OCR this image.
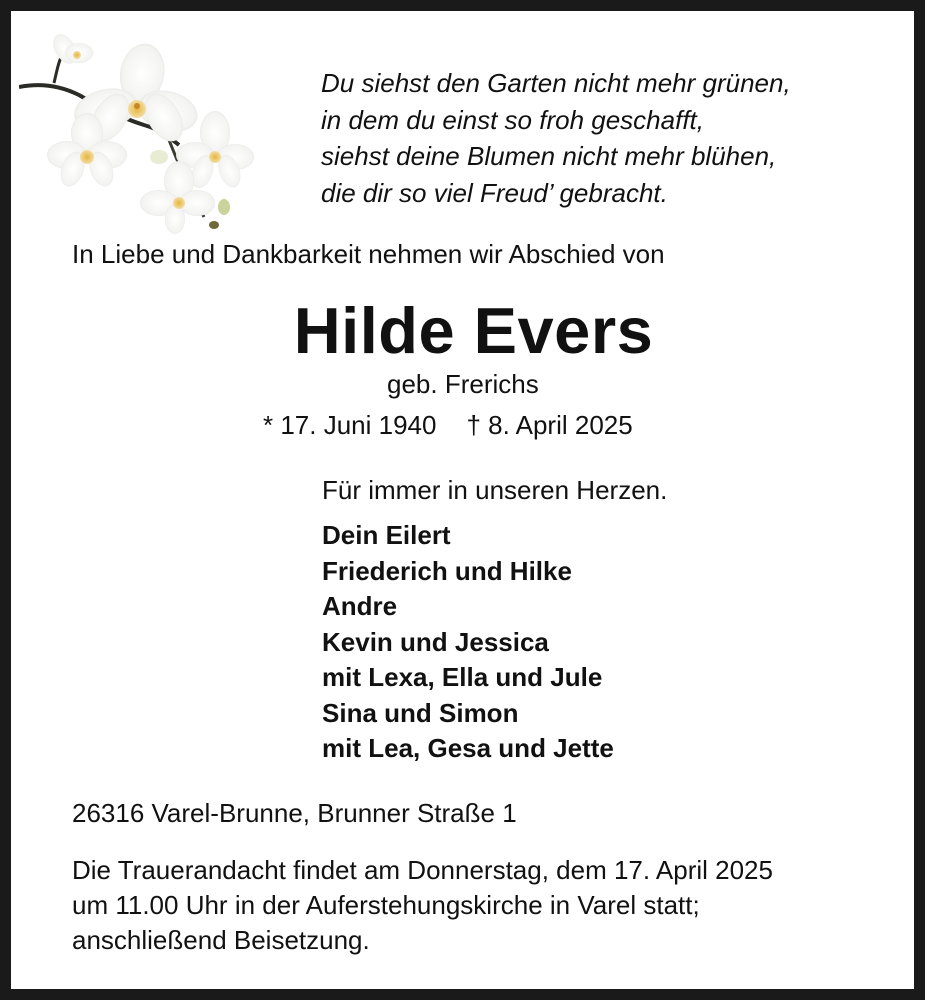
Du siehst den Garten nicht mehr grünen,
in dem du einst so froh geschafft,
siehst deine Blumen nicht mehr blühen,
die dir so viel Freud’ gebracht.
In Liebe und Dankbarkeit nehmen wir Abschied von
Hilde Evers
geb. Frerichs
* 17. Juni 1940 † 8. April 2025
Für immer in unseren Herzen.
Dein Eilert
Friederich und Hilke
Andre
Kevin und Jessica
mit Lexa, Ella und Jule
Sina und Simon
mit Lea, Gesa und Jette
26316 Varel-Brunne, Brunner Straße 1
Die Trauerandacht findet am Donnerstag, dem 17. April 2025
um 11.00 Uhr in der Auferstehungskirche in Varel statt;
anschließend Beisetzung.
